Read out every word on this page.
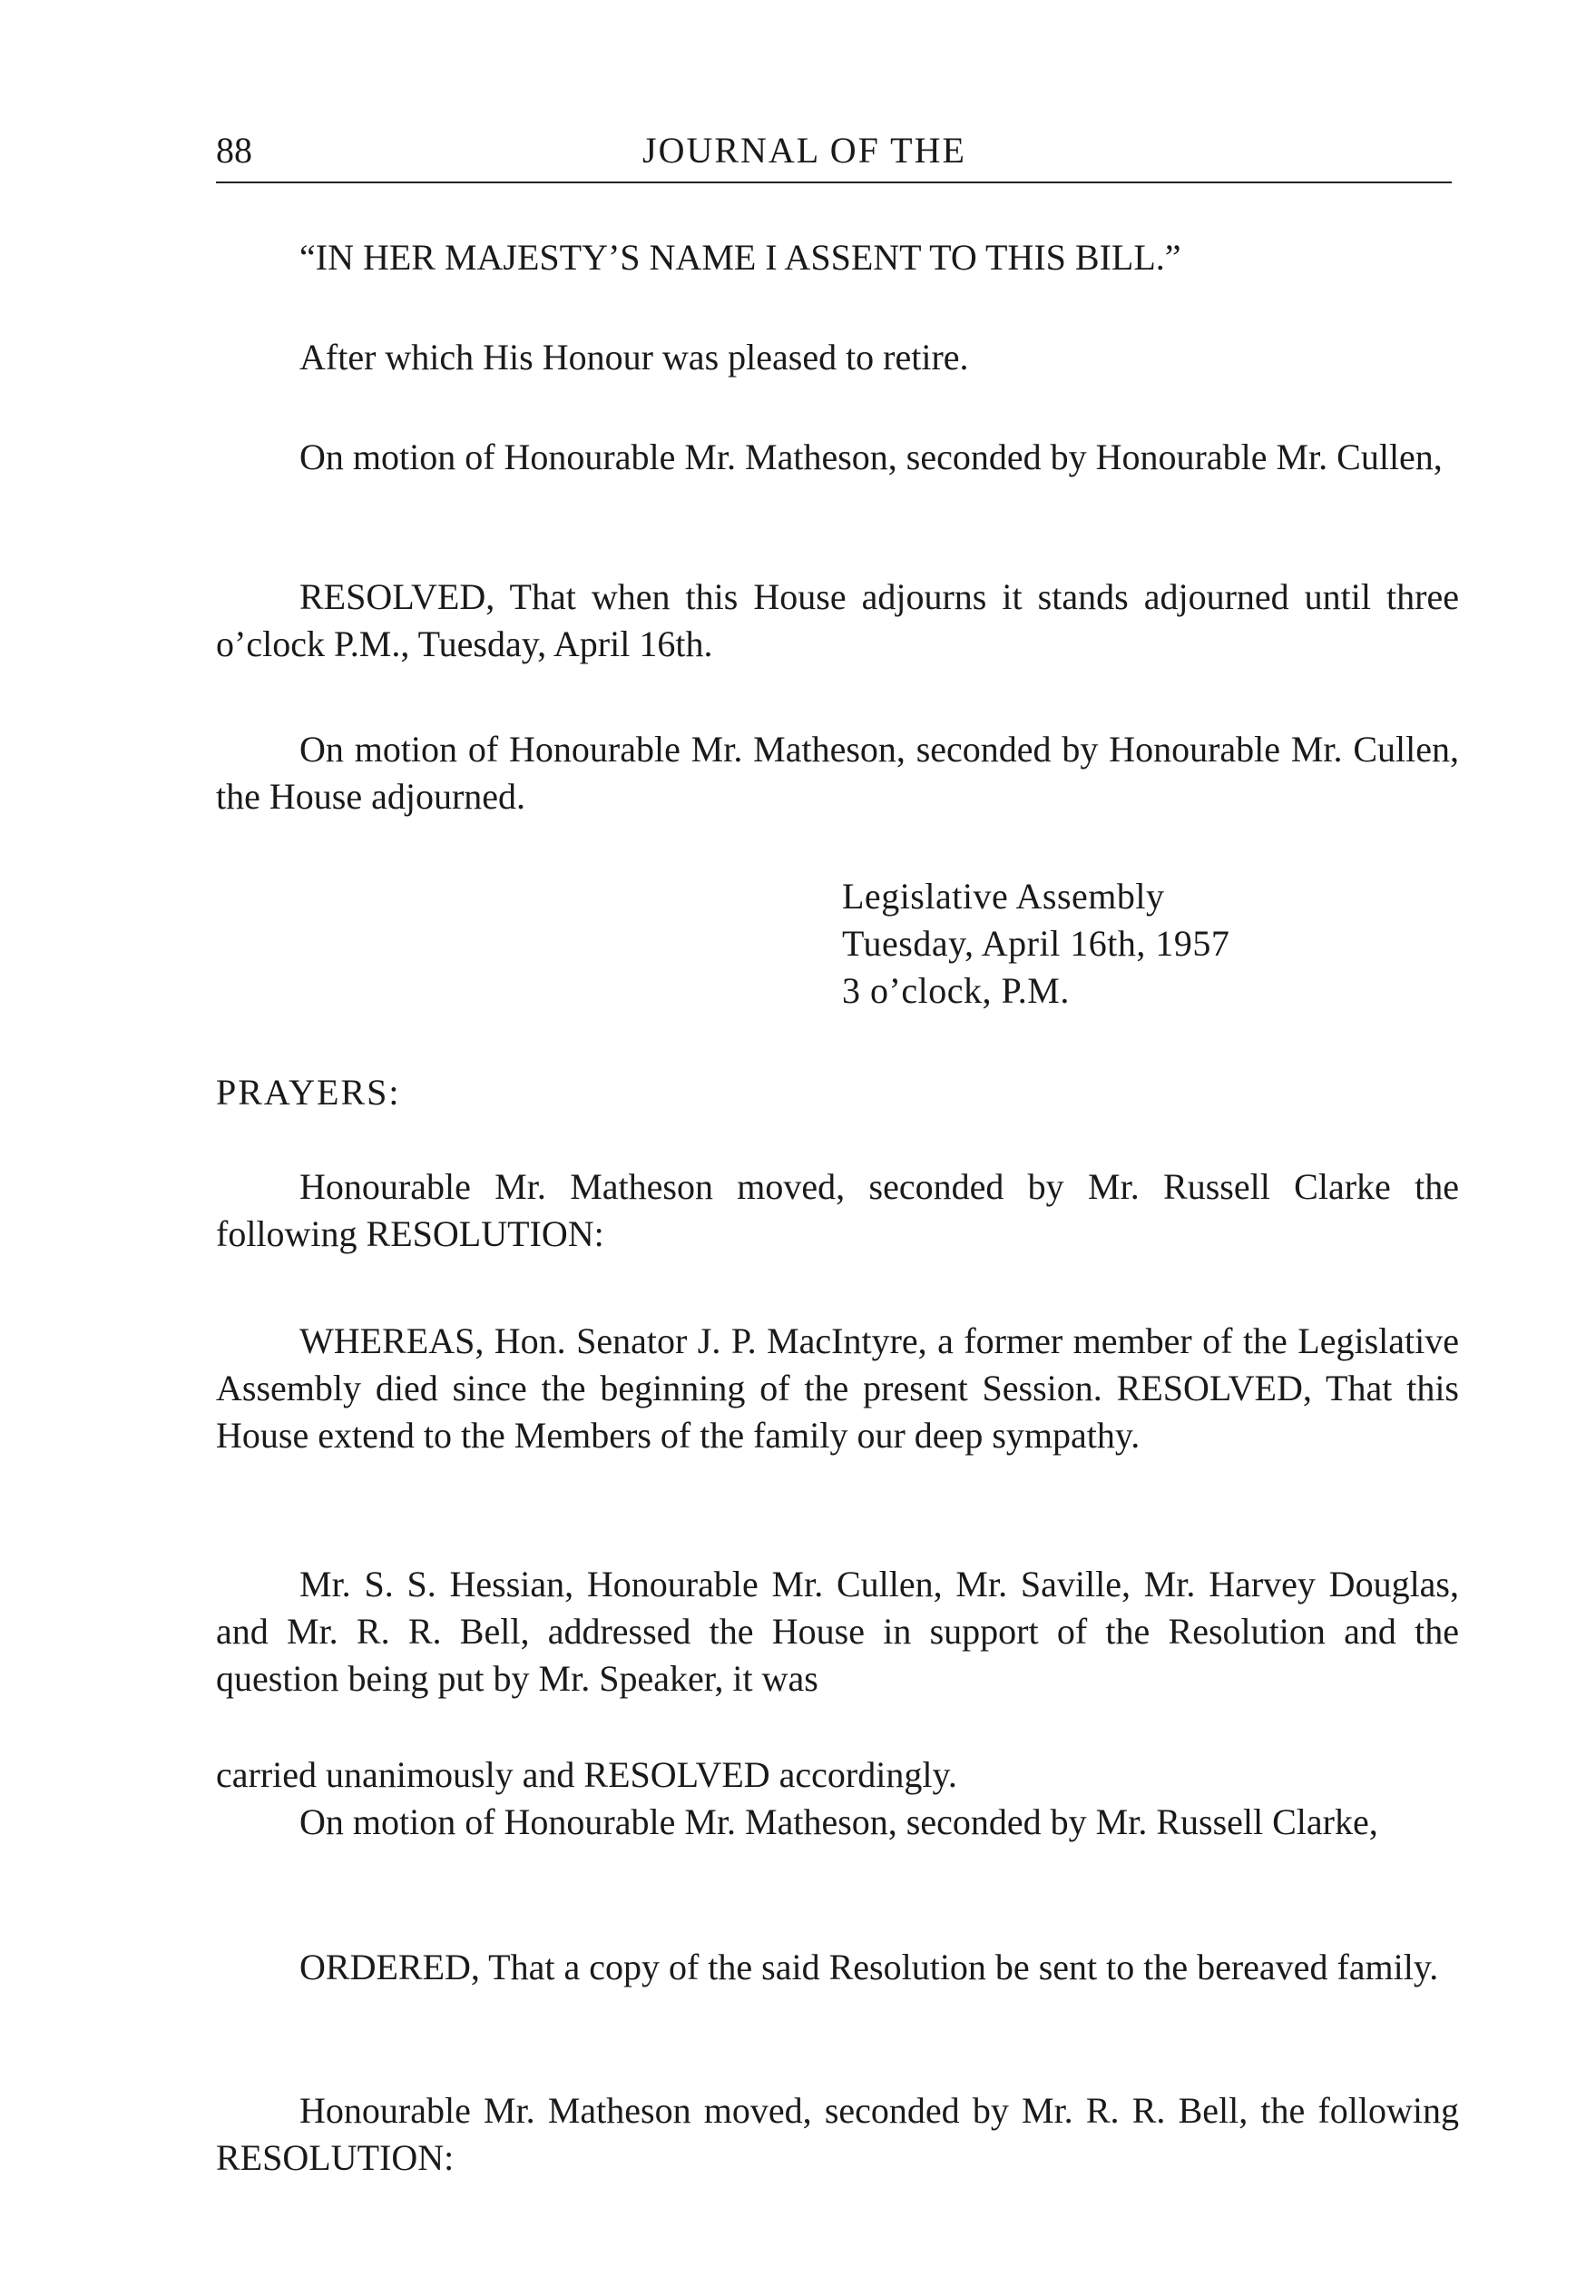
88	JOURNAL OF THE

“IN HER MAJESTY’S NAME I ASSENT TO THIS BILL.”

After which His Honour was pleased to retire.

On motion of Honourable Mr. Matheson, seconded by Honourable Mr. Cullen,

RESOLVED, That when this House adjourns it stands adjourned until three o’clock P.M., Tuesday, April 16th.

On motion of Honourable Mr. Matheson, seconded by Honourable Mr. Cullen, the House adjourned.

Legislative Assembly
Tuesday, April 16th, 1957
3 o’clock, P.M.
PRAYERS:

Honourable Mr. Matheson moved, seconded by Mr. Russell Clarke the following RESOLUTION:

WHEREAS, Hon. Senator J. P. MacIntyre, a former member of the Legislative Assembly died since the beginning of the present Session. RESOLVED, That this House extend to the Members of the family our deep sympathy.

Mr. S. S. Hessian, Honourable Mr. Cullen, Mr. Saville, Mr. Harvey Douglas, and Mr. R. R. Bell, addressed the House in support of the Resolution and the question being put by Mr. Speaker, it was

carried unanimously and RESOLVED accordingly.

On motion of Honourable Mr. Matheson, seconded by Mr. Russell Clarke,

ORDERED, That a copy of the said Resolution be sent to the bereaved family.

Honourable Mr. Matheson moved, seconded by Mr. R. R. Bell, the following RESOLUTION:
